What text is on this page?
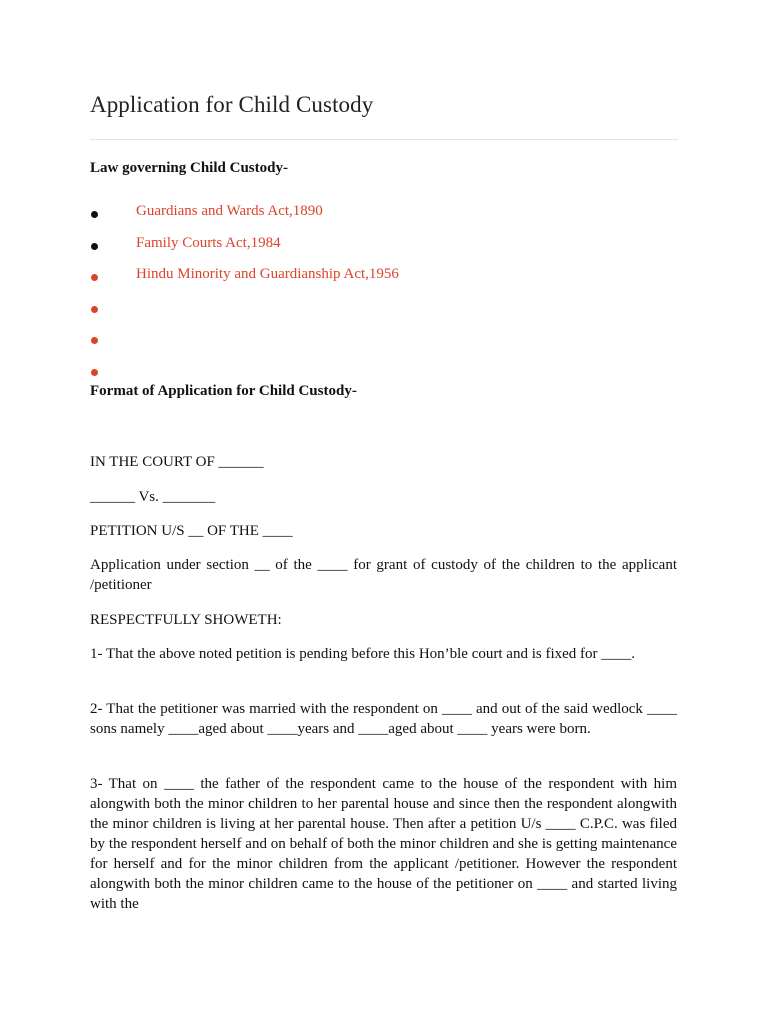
Application for Child Custody

Law governing Child Custody-

Guardians and Wards Act,1890
Family Courts Act,1984
Hindu Minority and Guardianship Act,1956

Format of Application for Child Custody-

IN THE COURT OF ______

______ Vs. _______

PETITION U/S __ OF THE ____

Application under section __ of the ____ for grant of custody of the children to the applicant /petitioner

RESPECTFULLY SHOWETH:

1- That the above noted petition is pending before this Hon’ble court and is fixed for ____.

2- That the petitioner was married with the respondent on ____ and out of the said wedlock ____ sons namely ____aged about ____years and ____aged about ____ years were born.

3- That on ____ the father of the respondent came to the house of the respondent with him alongwith both the minor children to her parental house and since then the respondent alongwith the minor children is living at her parental house. Then after a petition U/s ____ C.P.C. was filed by the respondent herself and on behalf of both the minor children and she is getting maintenance for herself and for the minor children from the applicant /petitioner. However the respondent alongwith both the minor children came to the house of the petitioner on ____ and started living with the
